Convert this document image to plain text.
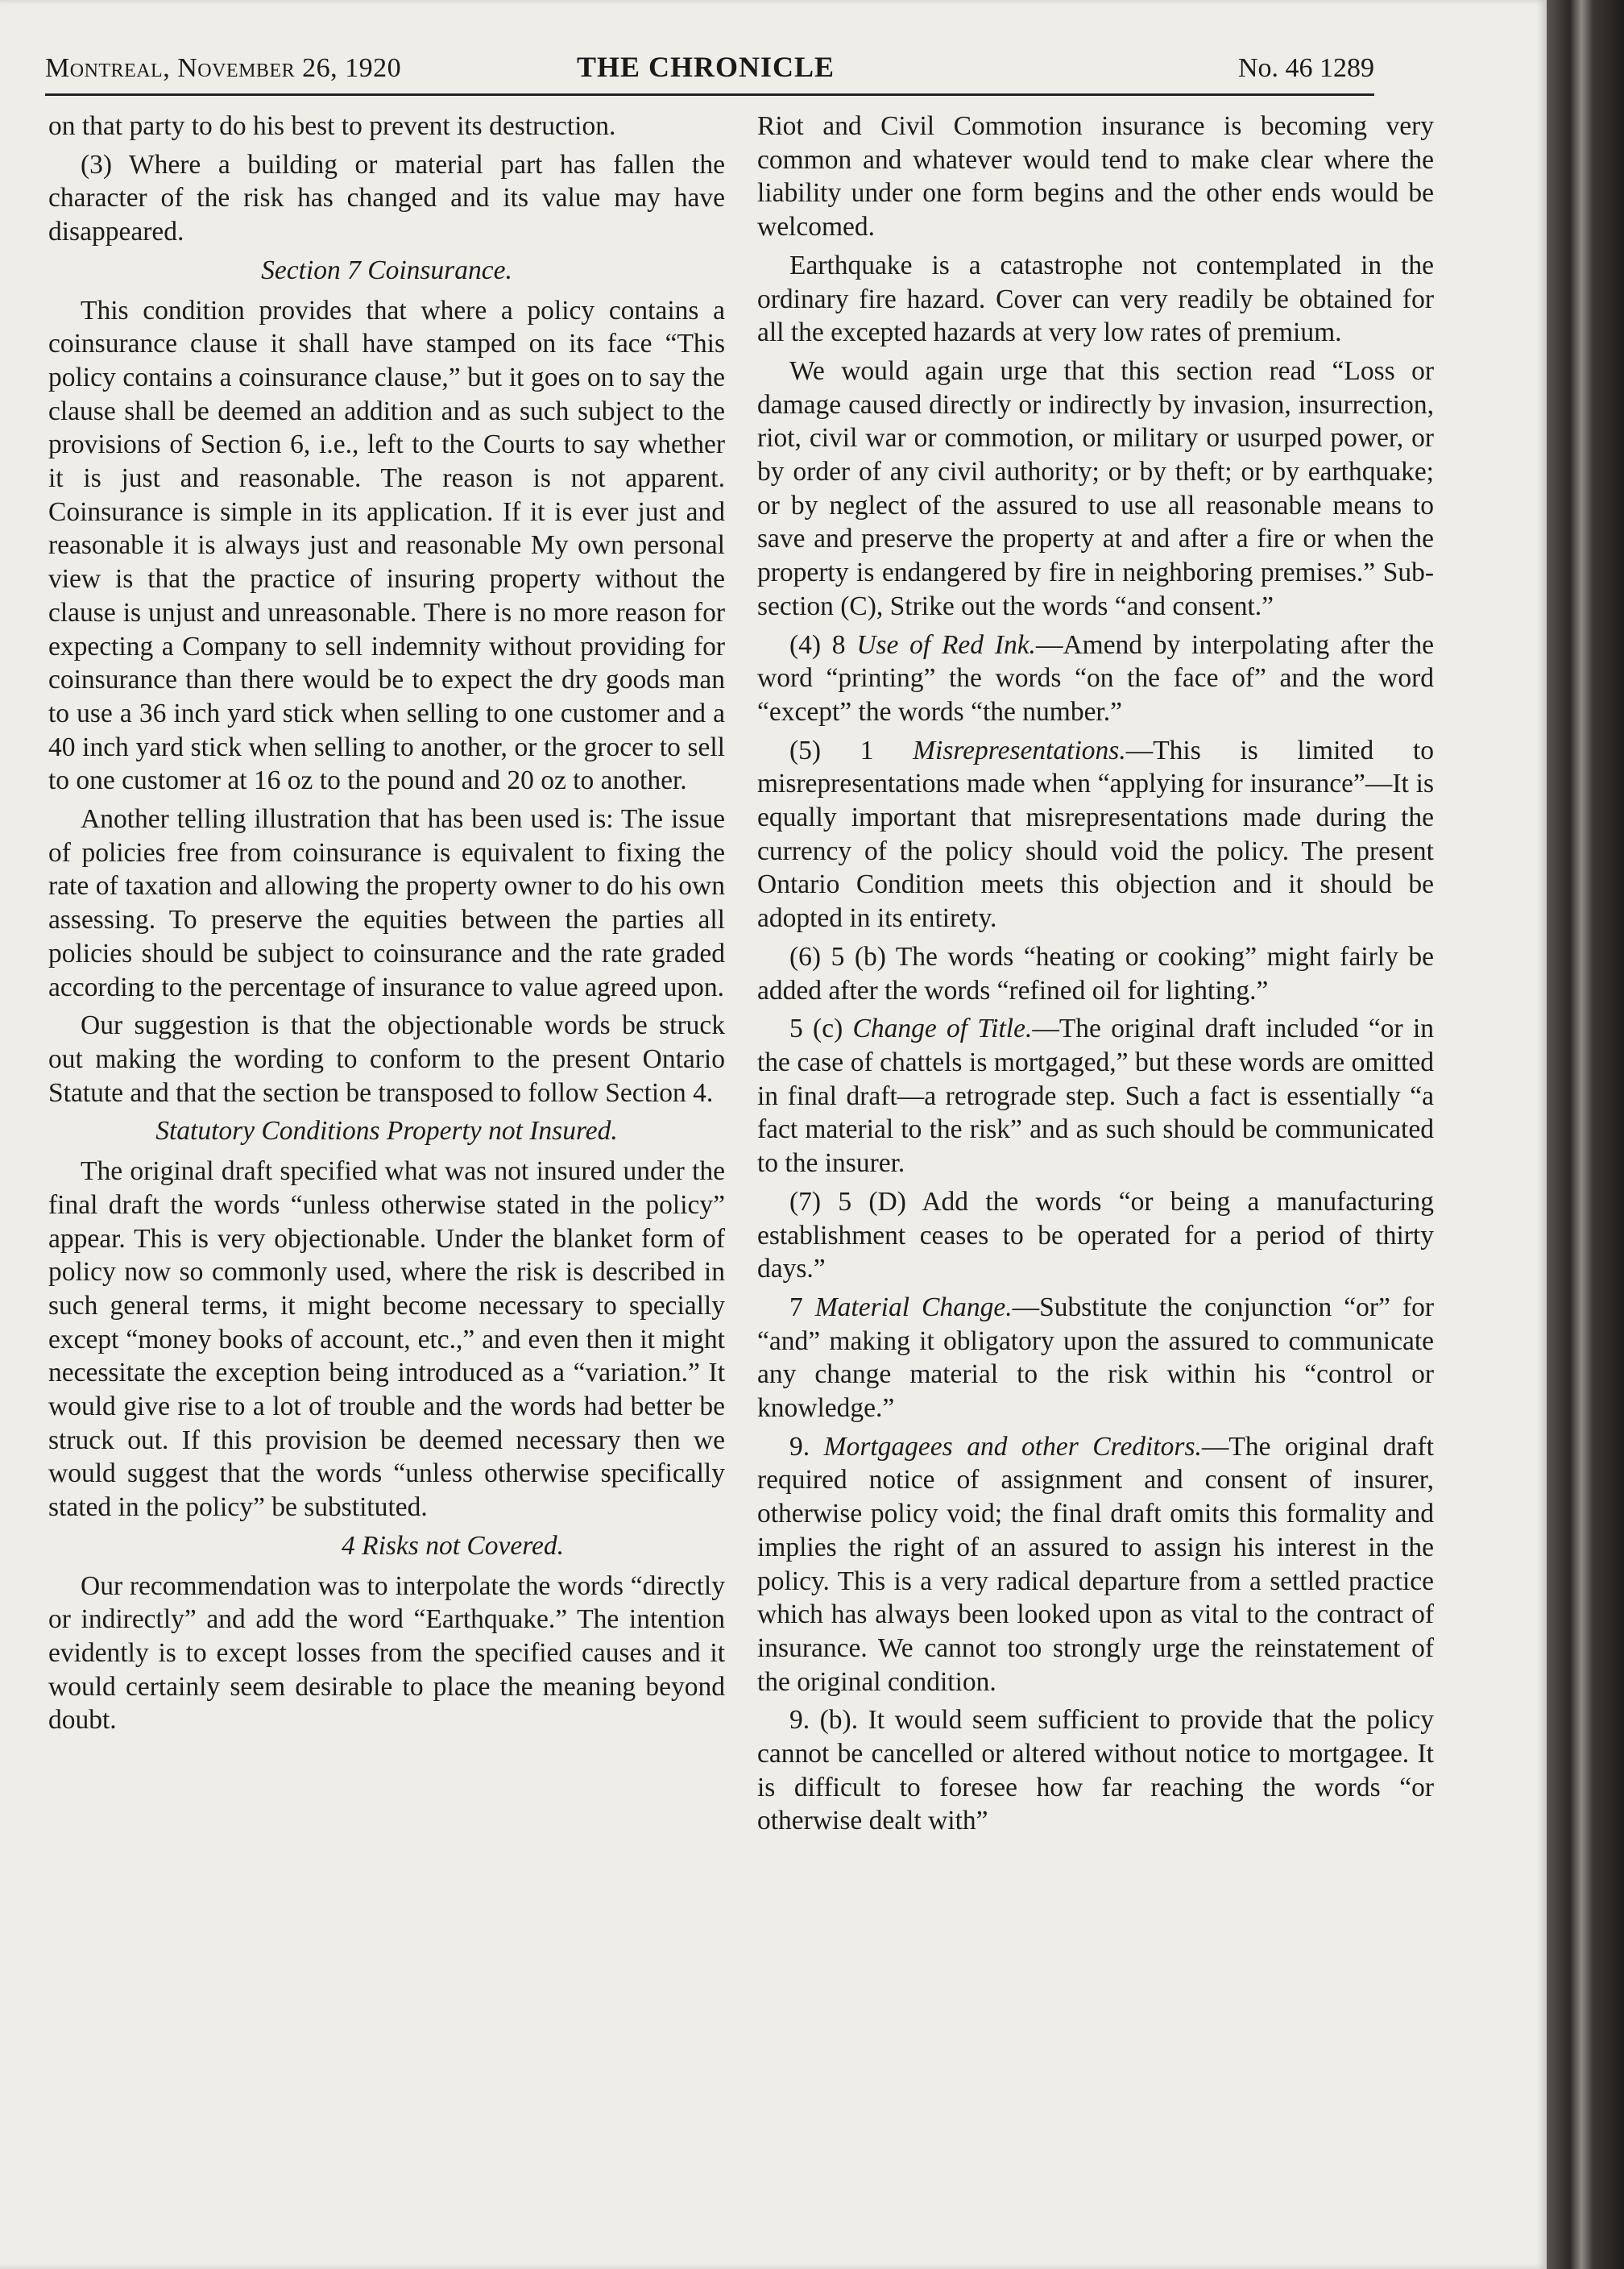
Montreal, November 26, 1920	THE CHRONICLE	No. 46 1289

on that party to do his best to prevent its destruction.

(3) Where a building or material part has fallen the character of the risk has changed and its value may have disappeared.

Section 7 Coinsurance.

This condition provides that where a policy contains a coinsurance clause it shall have stamped on its face “This policy contains a coinsurance clause,” but it goes on to say the clause shall be deemed an addition and as such subject to the provisions of Section 6, i.e., left to the Courts to say whether it is just and reasonable. The reason is not apparent. Coinsurance is simple in its application. If it is ever just and reasonable it is always just and reasonable My own personal view is that the practice of insuring property without the clause is unjust and unreasonable. There is no more reason for expecting a Company to sell indemnity without providing for coinsurance than there would be to expect the dry goods man to use a 36 inch yard stick when selling to one customer and a 40 inch yard stick when selling to another, or the grocer to sell to one customer at 16 oz to the pound and 20 oz to another.

Another telling illustration that has been used is: The issue of policies free from coinsurance is equivalent to fixing the rate of taxation and allowing the property owner to do his own assessing. To preserve the equities between the parties all policies should be subject to coinsurance and the rate graded according to the percentage of insurance to value agreed upon.

Our suggestion is that the objectionable words be struck out making the wording to conform to the present Ontario Statute and that the section be transposed to follow Section 4.

Statutory Conditions Property not Insured.

The original draft specified what was not insured under the final draft the words “unless otherwise stated in the policy” appear. This is very objectionable. Under the blanket form of policy now so commonly used, where the risk is described in such general terms, it might become necessary to specially except “money books of account, etc.,” and even then it might necessitate the exception being introduced as a “variation.” It would give rise to a lot of trouble and the words had better be struck out. If this provision be deemed necessary then we would suggest that the words “unless otherwise specifically stated in the policy” be substituted.

4 Risks not Covered.

Our recommendation was to interpolate the words “directly or indirectly” and add the word “Earthquake.” The intention evidently is to except losses from the specified causes and it would certainly seem desirable to place the meaning beyond doubt.

Riot and Civil Commotion insurance is becoming very common and whatever would tend to make clear where the liability under one form begins and the other ends would be welcomed.

Earthquake is a catastrophe not contemplated in the ordinary fire hazard. Cover can very readily be obtained for all the excepted hazards at very low rates of premium.

We would again urge that this section read “Loss or damage caused directly or indirectly by invasion, insurrection, riot, civil war or commotion, or military or usurped power, or by order of any civil authority; or by theft; or by earthquake; or by neglect of the assured to use all reasonable means to save and preserve the property at and after a fire or when the property is endangered by fire in neighboring premises.” Sub-section (C), Strike out the words “and consent.”

(4) 8 Use of Red Ink.—Amend by interpolating after the word “printing” the words “on the face of” and the word “except” the words “the number.”

(5) 1 Misrepresentations.—This is limited to misrepresentations made when “applying for insurance”—It is equally important that misrepresentations made during the currency of the policy should void the policy. The present Ontario Condition meets this objection and it should be adopted in its entirety.

(6) 5 (b) The words “heating or cooking” might fairly be added after the words “refined oil for lighting.”

5 (c) Change of Title.—The original draft included “or in the case of chattels is mortgaged,” but these words are omitted in final draft—a retrograde step. Such a fact is essentially “a fact material to the risk” and as such should be communicated to the insurer.

(7) 5 (D) Add the words “or being a manufacturing establishment ceases to be operated for a period of thirty days.”

7 Material Change.—Substitute the conjunction “or” for “and” making it obligatory upon the assured to communicate any change material to the risk within his “control or knowledge.”

9. Mortgagees and other Creditors.—The original draft required notice of assignment and consent of insurer, otherwise policy void; the final draft omits this formality and implies the right of an assured to assign his interest in the policy. This is a very radical departure from a settled practice which has always been looked upon as vital to the contract of insurance. We cannot too strongly urge the reinstatement of the original condition.

9. (b). It would seem sufficient to provide that the policy cannot be cancelled or altered without notice to mortgagee. It is difficult to foresee how far reaching the words “or otherwise dealt with”
